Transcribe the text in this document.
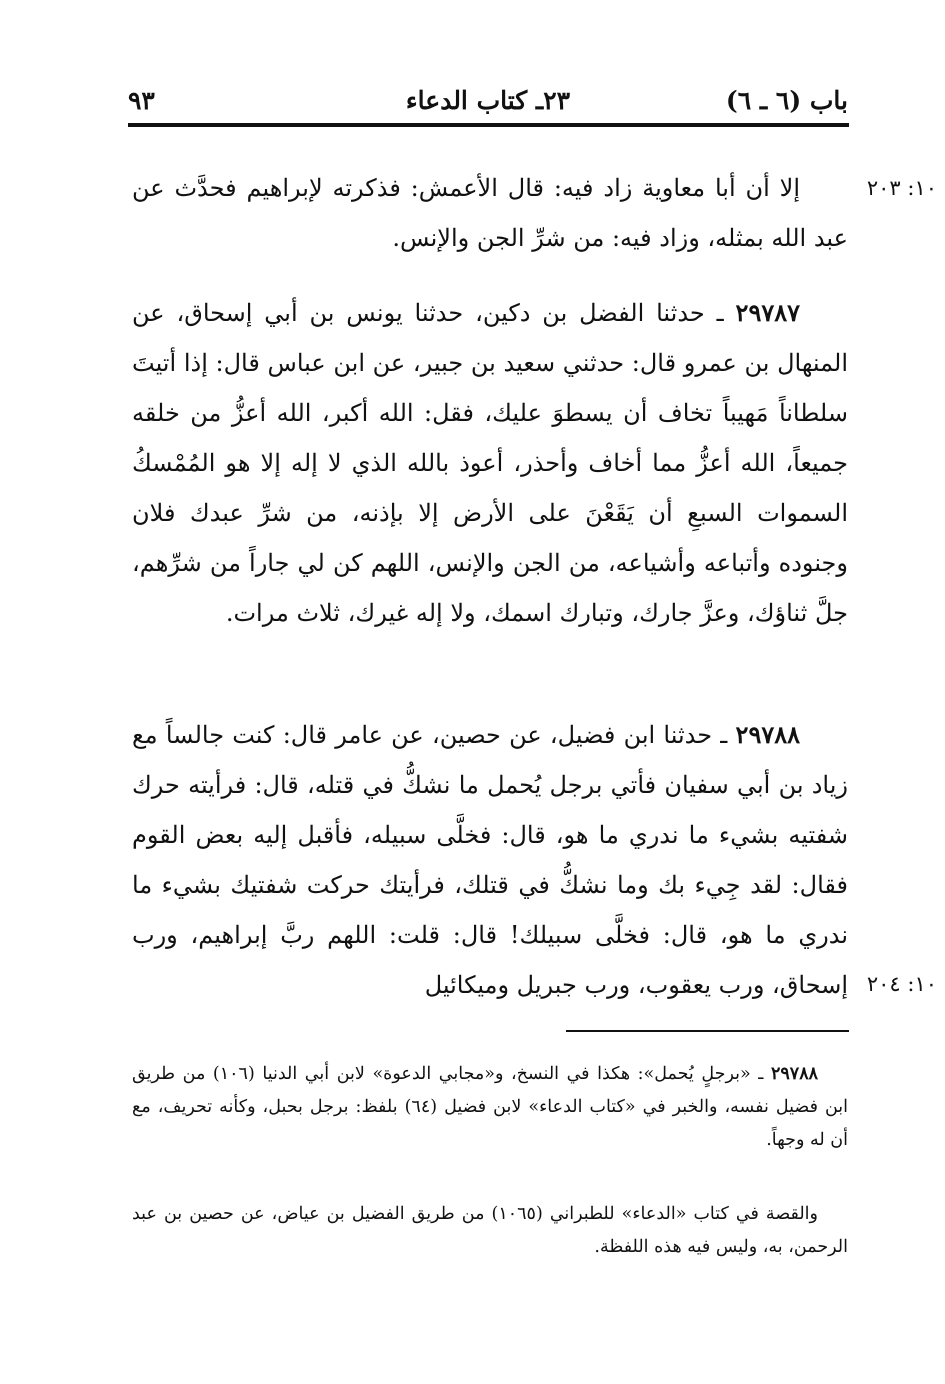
باب (٦ ـ ٦)
٢٣ـ كتاب الدعاء
٩٣
١٠: ٢٠٣
١٠: ٢٠٤

إلا أن أبا معاوية زاد فيه: قال الأعمش: فذكرته لإبراهيم فحدَّث عن عبد الله بمثله، وزاد فيه: من شرِّ الجن والإنس.

٢٩٧٨٧ ـ حدثنا الفضل بن دكين، حدثنا يونس بن أبي إسحاق، عن المنهال بن عمرو قال: حدثني سعيد بن جبير، عن ابن عباس قال: إذا أتيتَ سلطاناً مَهيباً تخاف أن يسطوَ عليك، فقل: الله أكبر، الله أعزُّ من خلقه جميعاً، الله أعزُّ مما أخاف وأحذر، أعوذ بالله الذي لا إله إلا هو المُمْسكُ السموات السبعِ أن يَقَعْنَ على الأرض إلا بإذنه، من شرِّ عبدك فلان وجنوده وأتباعه وأشياعه، من الجن والإنس، اللهم كن لي جاراً من شرِّهم، جلَّ ثناؤك، وعزَّ جارك، وتبارك اسمك، ولا إله غيرك، ثلاث مرات.

٢٩٧٨٨ ـ حدثنا ابن فضيل، عن حصين، عن عامر قال: كنت جالساً مع زياد بن أبي سفيان فأتي برجل يُحمل ما نشكُّ في قتله، قال: فرأيته حرك شفتيه بشيء ما ندري ما هو، قال: فخلَّى سبيله، فأقبل إليه بعض القوم فقال: لقد جِيء بك وما نشكُّ في قتلك، فرأيتك حركت شفتيك بشيء ما ندري ما هو، قال: فخلَّى سبيلك! قال: قلت: اللهم ربَّ إبراهيم، ورب إسحاق، ورب يعقوب، ورب جبريل وميكائيل

٢٩٧٨٨ ـ «برجلٍ يُحمل»: هكذا في النسخ، و«مجابي الدعوة» لابن أبي الدنيا (١٠٦) من طريق ابن فضيل نفسه، والخبر في «كتاب الدعاء» لابن فضيل (٦٤) بلفظ: برجل بحبل، وكأنه تحريف، مع أن له وجهاً.

والقصة في كتاب «الدعاء» للطبراني (١٠٦٥) من طريق الفضيل بن عياض، عن حصين بن عبد الرحمن، به، وليس فيه هذه اللفظة.
